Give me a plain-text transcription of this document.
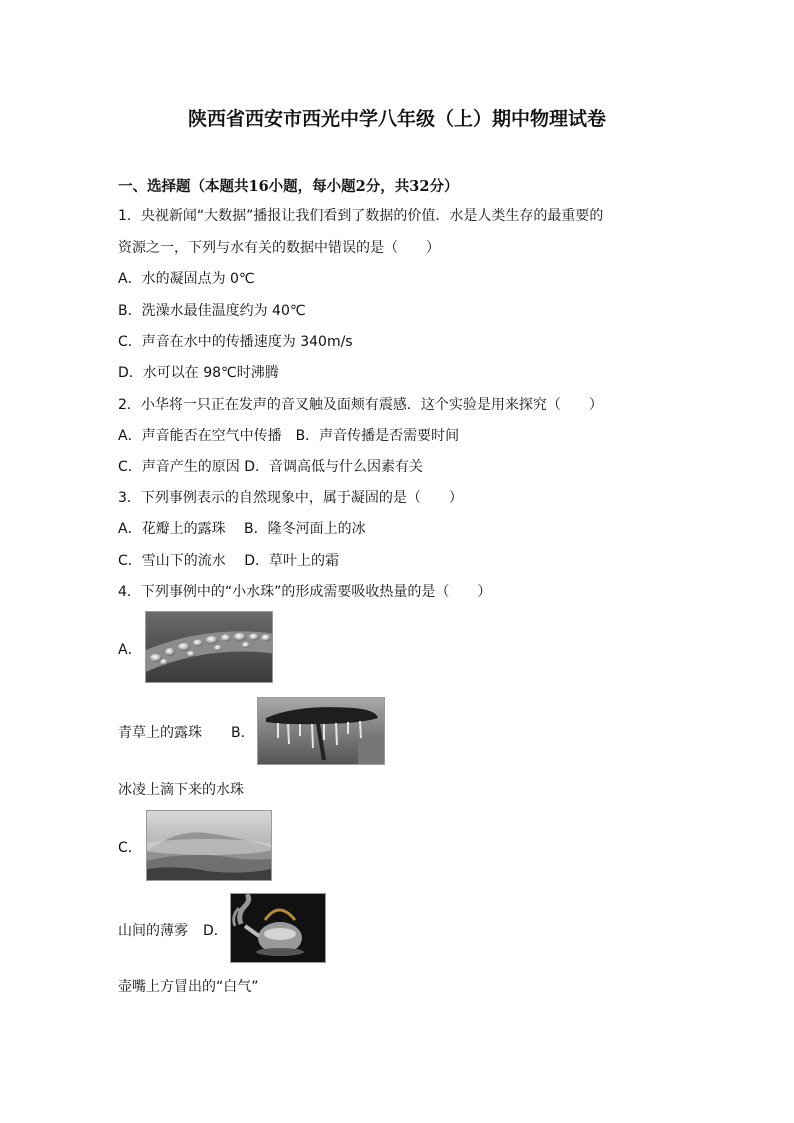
陕西省西安市西光中学八年级（上）期中物理试卷
一、选择题（本题共16小题，每小题2分，共32分）
1．央视新闻“大数据”播报让我们看到了数据的价值．水是人类生存的最重要的
资源之一，下列与水有关的数据中错误的是（　　）
A．水的凝固点为 0℃
B．洗澡水最佳温度约为 40℃
C．声音在水中的传播速度为 340m/s
D．水可以在 98℃时沸腾
2．小华将一只正在发声的音叉触及面颊有震感．这个实验是用来探究（　　）
A．声音能否在空气中传播　B．声音传播是否需要时间
C．声音产生的原因 D．音调高低与什么因素有关
3．下列事例表示的自然现象中，属于凝固的是（　　）
A．花瓣上的露珠　 B．隆冬河面上的冰
C．雪山下的流水　 D．草叶上的霜
4．下列事例中的“小水珠”的形成需要吸收热量的是（　　）
A．
青草上的露珠 B．
冰凌上滴下来的水珠
C．
山间的薄雾 D．
壶嘴上方冒出的“白气”
